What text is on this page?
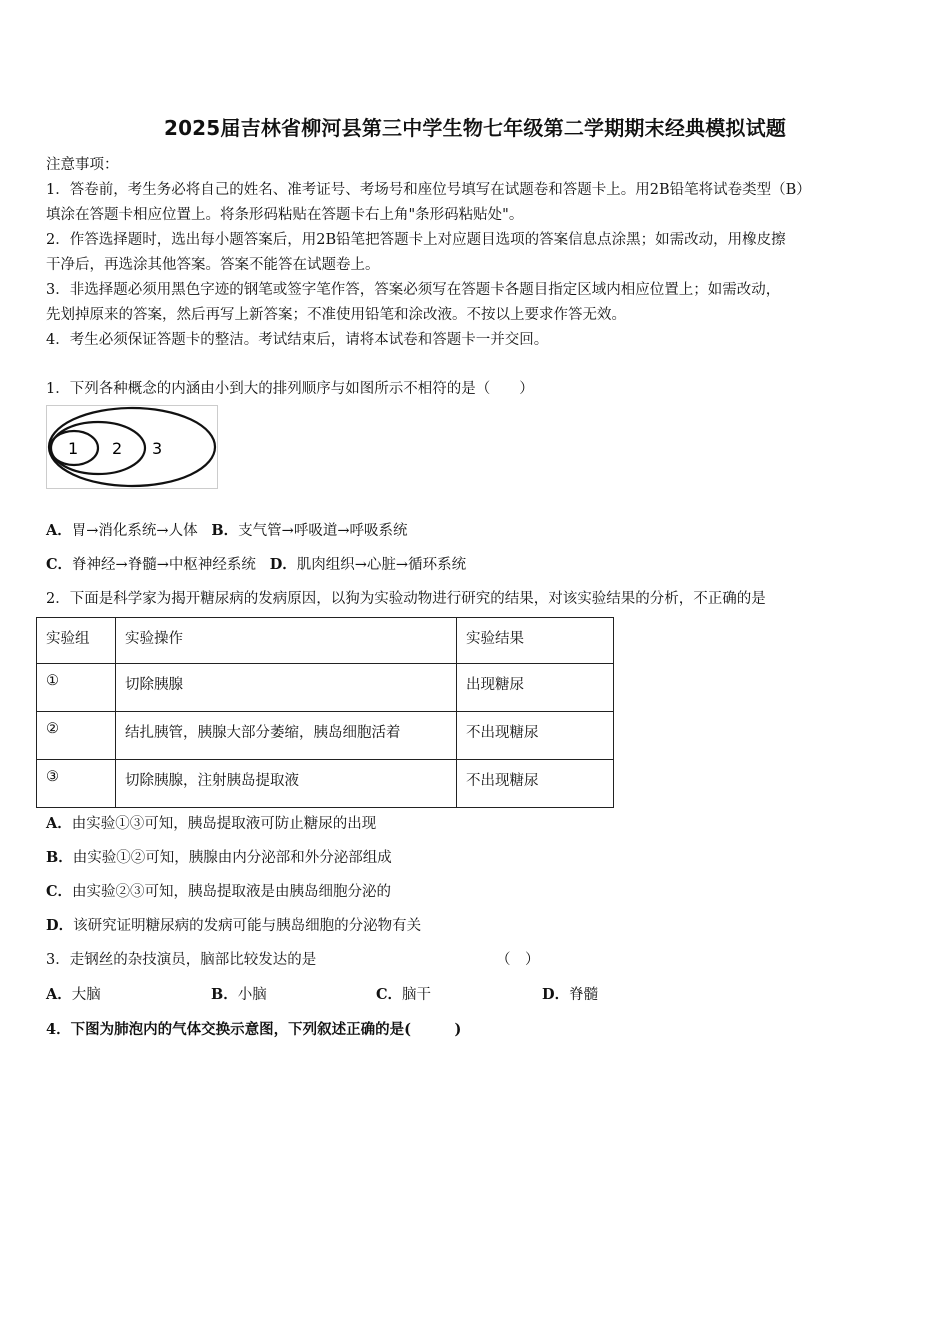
2025届吉林省柳河县第三中学生物七年级第二学期期末经典模拟试题
注意事项：
1．答卷前，考生务必将自己的姓名、准考证号、考场号和座位号填写在试题卷和答题卡上。用2B铅笔将试卷类型（B）
填涂在答题卡相应位置上。将条形码粘贴在答题卡右上角"条形码粘贴处"。
2．作答选择题时，选出每小题答案后，用2B铅笔把答题卡上对应题目选项的答案信息点涂黑；如需改动，用橡皮擦
干净后，再选涂其他答案。答案不能答在试题卷上。
3．非选择题必须用黑色字迹的钢笔或签字笔作答，答案必须写在答题卡各题目指定区域内相应位置上；如需改动，
先划掉原来的答案，然后再写上新答案；不准使用铅笔和涂改液。不按以上要求作答无效。
4．考生必须保证答题卡的整洁。考试结束后，请将本试卷和答题卡一并交回。
1．下列各种概念的内涵由小到大的排列顺序与如图所示不相符的是（　　）
1 2 3
A．胃→消化系统→人体 B．支气管→呼吸道→呼吸系统
C．脊神经→脊髓→中枢神经系统 D．肌肉组织→心脏→循环系统
2．下面是科学家为揭开糖尿病的发病原因，以狗为实验动物进行研究的结果，对该实验结果的分析，不正确的是
实验组	实验操作	实验结果
①	切除胰腺	出现糖尿
②	结扎胰管，胰腺大部分萎缩，胰岛细胞活着	不出现糖尿
③	切除胰腺，注射胰岛提取液	不出现糖尿
A．由实验①③可知，胰岛提取液可防止糖尿的出现
B．由实验①②可知，胰腺由内分泌部和外分泌部组成
C．由实验②③可知，胰岛提取液是由胰岛细胞分泌的
D．该研究证明糖尿病的发病可能与胰岛细胞的分泌物有关
3．走钢丝的杂技演员，脑部比较发达的是	（　）
A．大脑	B．小脑	C．脑干	D．脊髓
4．下图为肺泡内的气体交换示意图，下列叙述正确的是(　　　)
